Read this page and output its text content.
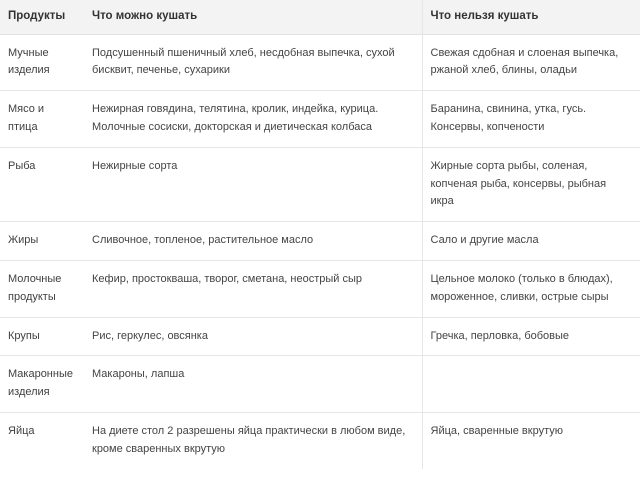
Продукты	Что можно кушать	Что нельзя кушать
Мучные изделия	Подсушенный пшеничный хлеб, несдобная выпечка, сухой бисквит, печенье, сухарики	Свежая сдобная и слоеная выпечка, ржаной хлеб, блины, оладьи
Мясо и птица	Нежирная говядина, телятина, кролик, индейка, курица. Молочные сосиски, докторская и диетическая колбаса	Баранина, свинина, утка, гусь. Консервы, копчености
Рыба	Нежирные сорта	Жирные сорта рыбы, соленая, копченая рыба, консервы, рыбная икра
Жиры	Сливочное, топленое, растительное масло	Сало и другие масла
Молочные продукты	Кефир, простокваша, творог, сметана, неострый сыр	Цельное молоко (только в блюдах), мороженное, сливки, острые сыры
Крупы	Рис, геркулес, овсянка	Гречка, перловка, бобовые
Макаронные изделия	Макароны, лапша	
Яйца	На диете стол 2 разрешены яйца практически в любом виде, кроме сваренных вкрутую	Яйца, сваренные вкрутую
